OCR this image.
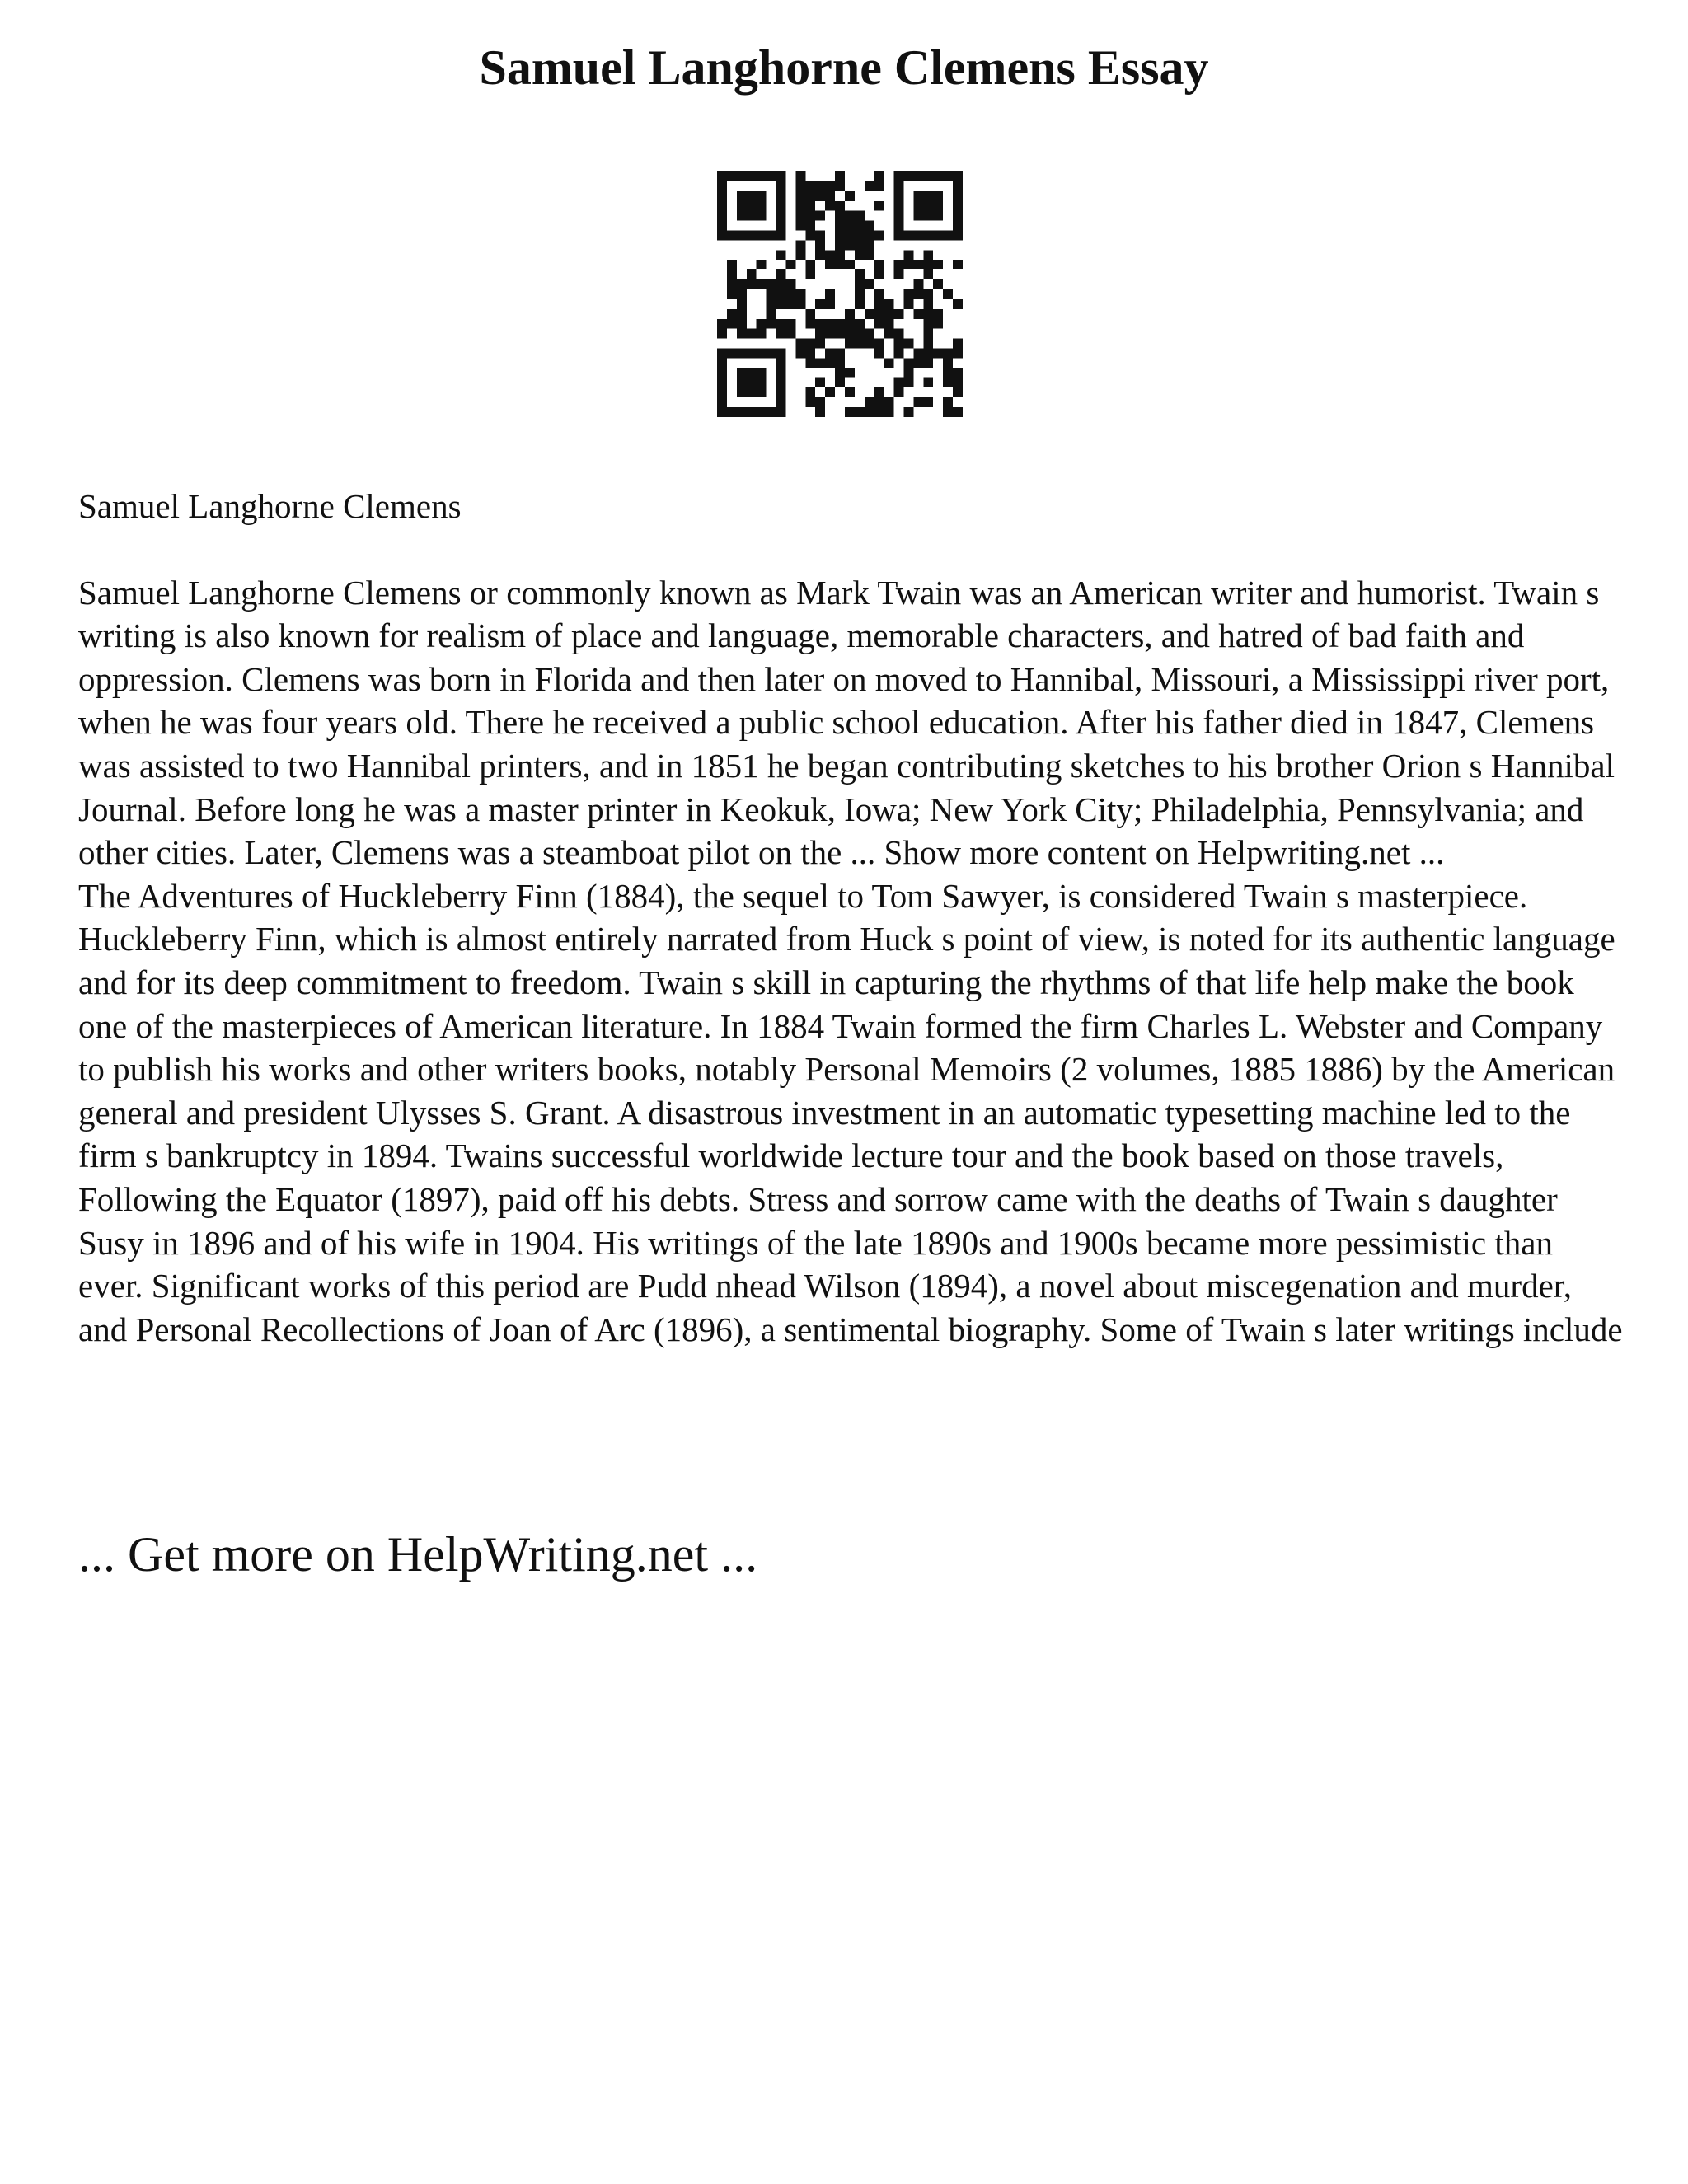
Samuel Langhorne Clemens Essay

Samuel Langhorne Clemens

Samuel Langhorne Clemens or commonly known as Mark Twain was an American writer and humorist. Twain s writing is also known for realism of place and language, memorable characters, and hatred of bad faith and oppression. Clemens was born in Florida and then later on moved to Hannibal, Missouri, a Mississippi river port, when he was four years old. There he received a public school education. After his father died in 1847, Clemens was assisted to two Hannibal printers, and in 1851 he began contributing sketches to his brother Orion s Hannibal Journal. Before long he was a master printer in Keokuk, Iowa; New York City; Philadelphia, Pennsylvania; and other cities. Later, Clemens was a steamboat pilot on the ... Show more content on Helpwriting.net ...

The Adventures of Huckleberry Finn (1884), the sequel to Tom Sawyer, is considered Twain s masterpiece. Huckleberry Finn, which is almost entirely narrated from Huck s point of view, is noted for its authentic language and for its deep commitment to freedom. Twain s skill in capturing the rhythms of that life help make the book one of the masterpieces of American literature. In 1884 Twain formed the firm Charles L. Webster and Company to publish his works and other writers books, notably Personal Memoirs (2 volumes, 1885 1886) by the American general and president Ulysses S. Grant. A disastrous investment in an automatic typesetting machine led to the firm s bankruptcy in 1894. Twains successful worldwide lecture tour and the book based on those travels, Following the Equator (1897), paid off his debts. Stress and sorrow came with the deaths of Twain s daughter Susy in 1896 and of his wife in 1904. His writings of the late 1890s and 1900s became more pessimistic than ever. Significant works of this period are Pudd nhead Wilson (1894), a novel about miscegenation and murder, and Personal Recollections of Joan of Arc (1896), a sentimental biography. Some of Twain s later writings include

... Get more on HelpWriting.net ...
